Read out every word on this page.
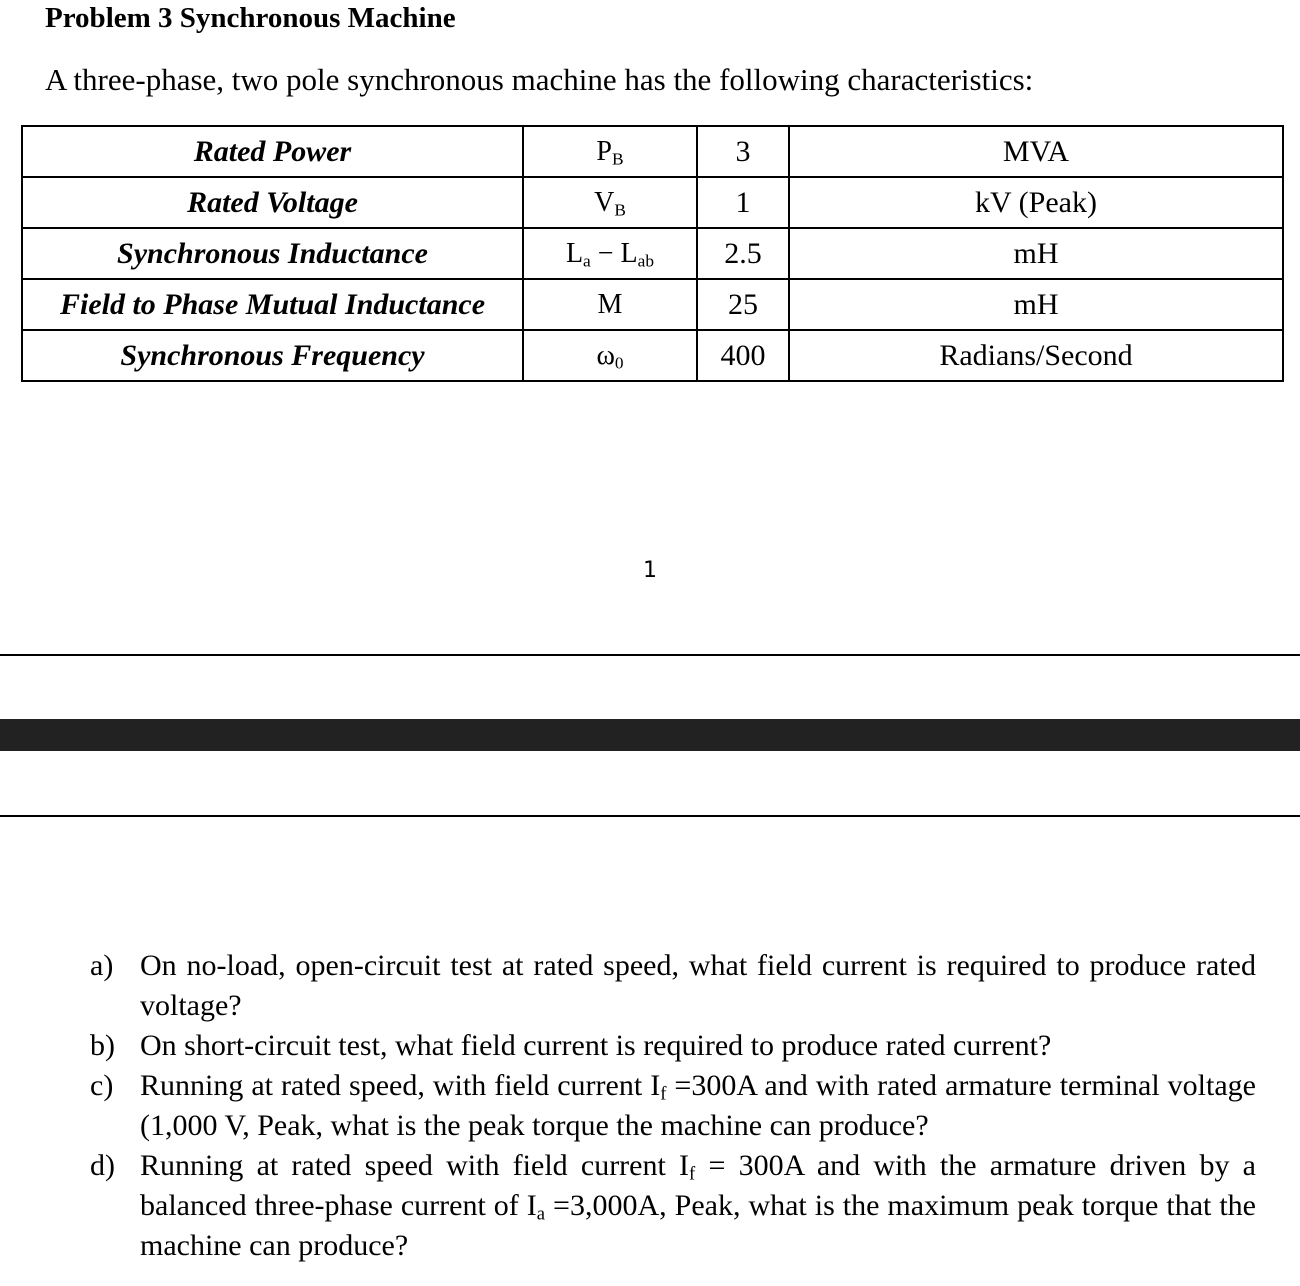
Problem 3 Synchronous Machine

A three-phase, two pole synchronous machine has the following characteristics:

Rated Power	$P_B$	3	MVA
Rated Voltage	$V_B$	1	kV (Peak)
Synchronous Inductance	$L_a - L_{ab}$	2.5	mH
Field to Phase Mutual Inductance	M	25	mH
Synchronous Frequency	$\omega_0$	400	Radians/Second
1
a) On no-load, open-circuit test at rated speed, what field current is required to produce rated voltage?
b) On short-circuit test, what field current is required to produce rated current?
c) Running at rated speed, with field current $I_f =300A$ and with rated armature terminal voltage (1,000 V, Peak, what is the peak torque the machine can produce?
d) Running at rated speed with field current $I_f = 300A$ and with the armature driven by a balanced three-phase current of $I_a =3,000A$, Peak, what is the maximum peak torque that the machine can produce?
